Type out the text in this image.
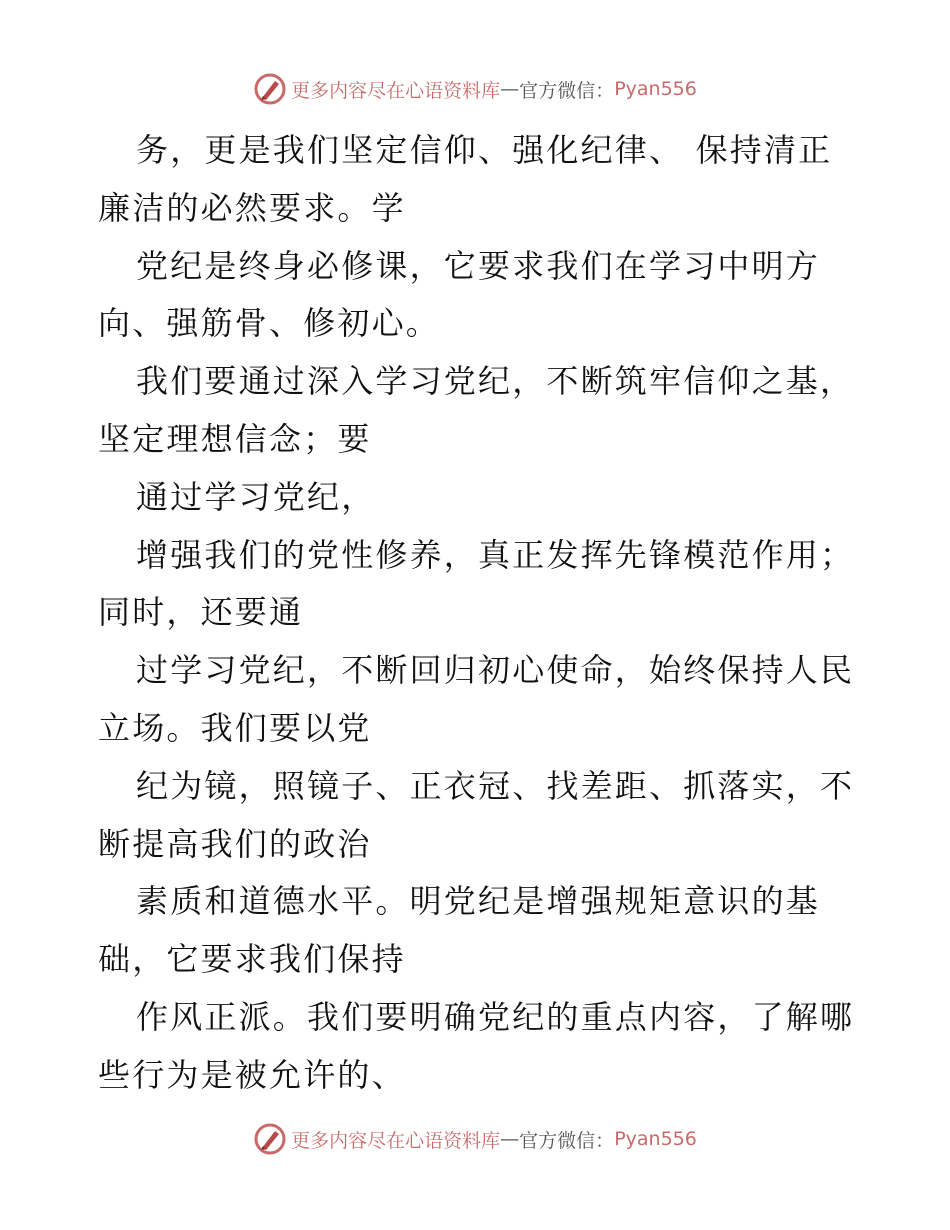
更多内容尽在心语资料库 — 官方微信： Pyan556
务，更是我们坚定信仰、强化纪律、 保持清正
廉洁的必然要求。学
党纪是终身必修课，它要求我们在学习中明方
向、强筋骨、修初心。
我们要通过深入学习党纪，不断筑牢信仰之基，
坚定理想信念；要
通过学习党纪，
增强我们的党性修养，真正发挥先锋模范作用；
同时，还要通
过学习党纪，不断回归初心使命，始终保持人民
立场。我们要以党
纪为镜，照镜子、正衣冠、找差距、抓落实，不
断提高我们的政治
素质和道德水平。明党纪是增强规矩意识的基
础，它要求我们保持
作风正派。我们要明确党纪的重点内容，了解哪
些行为是被允许的、
更多内容尽在心语资料库 — 官方微信： Pyan556
